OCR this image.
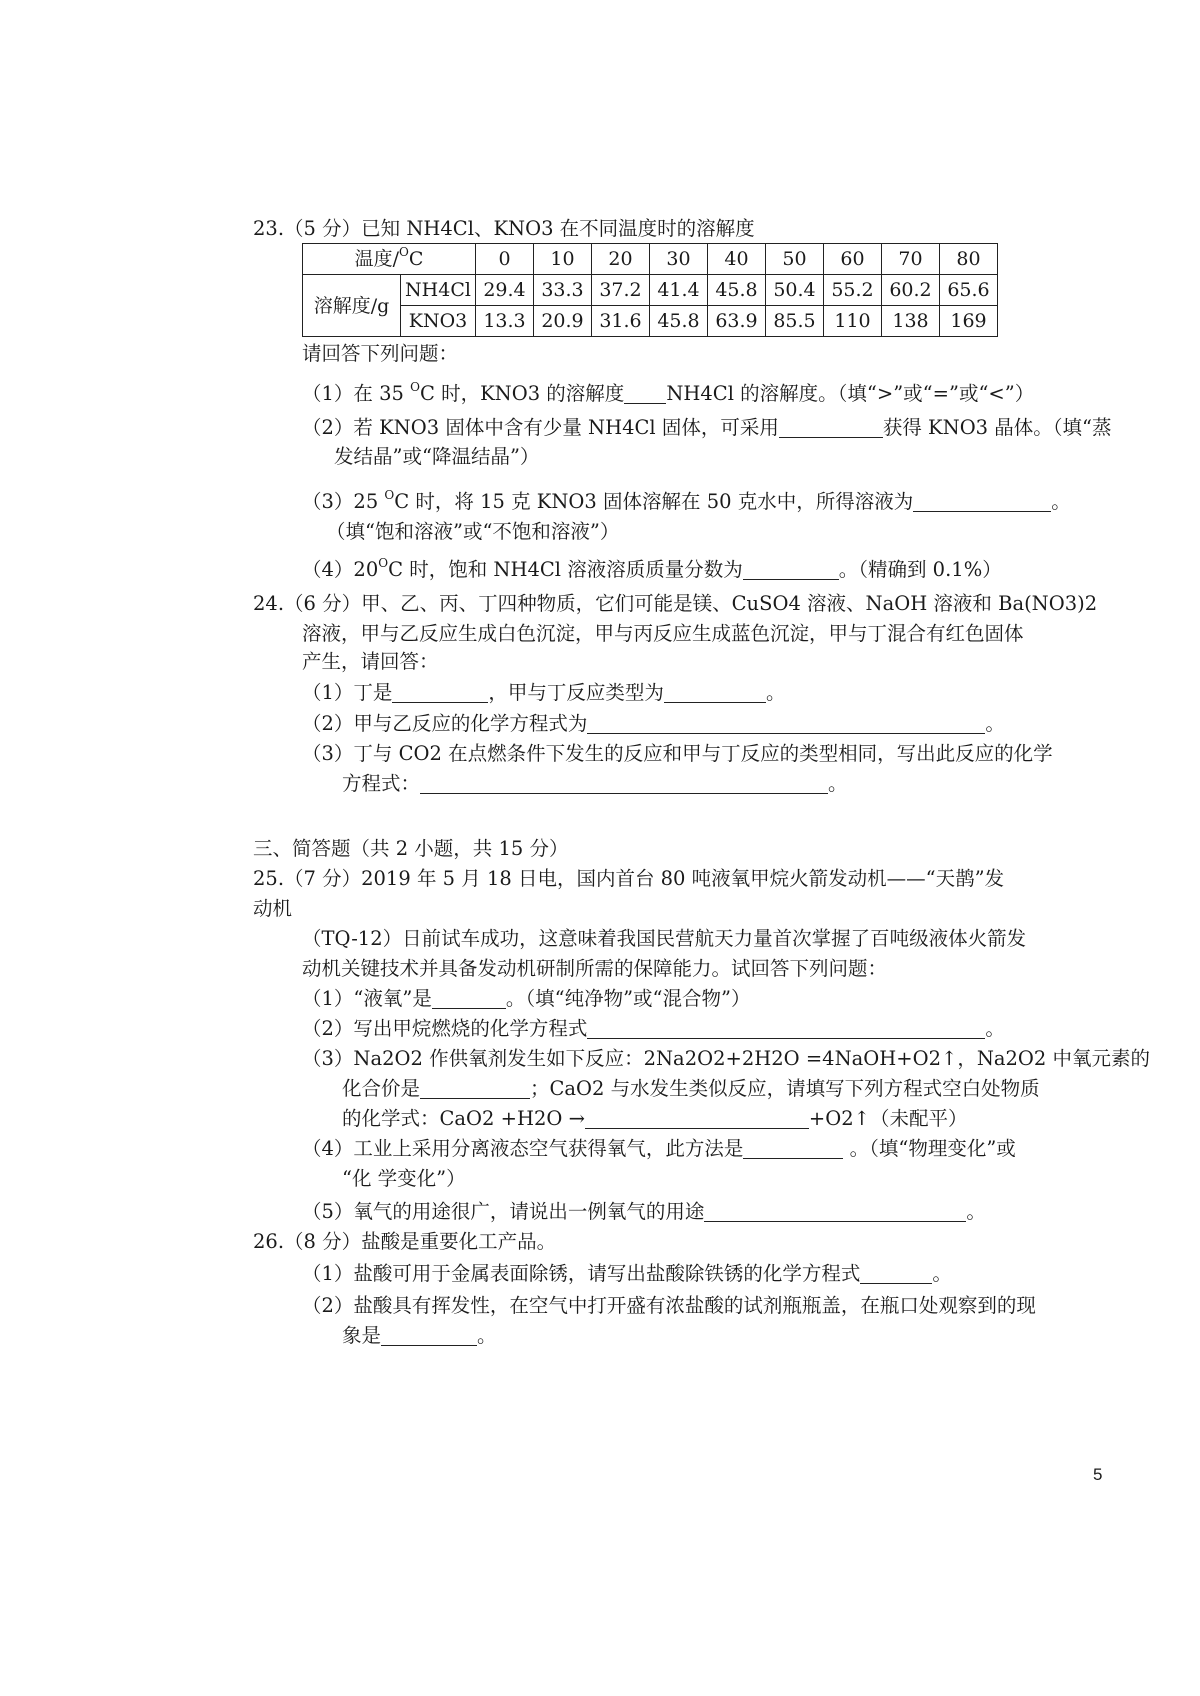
23.（5 分）已知 NH4Cl、KNO3 在不同温度时的溶解度
温度/$^O$C		0	10	20	30	40	50	60	70	80
溶解度/g	NH4Cl	29.4	33.3	37.2	41.4	45.8	50.4	55.2	60.2	65.6
	KNO3	13.3	20.9	31.6	45.8	63.9	85.5	110	138	169
请回答下列问题：
（1）在 35 $^O$C 时，KNO3 的溶解度 NH4Cl 的溶解度。（填“>”或“=”或“<”）
（2）若 KNO3 固体中含有少量 NH4Cl 固体，可采用	获得 KNO3 晶体。（填“蒸
发结晶”或“降温结晶”）
（3）25 $^O$C 时，将 15 克 KNO3 固体溶解在 50 克水中，所得溶液为	。
（填“饱和溶液”或“不饱和溶液”）
$(4)20^OC$ 时，饱和 NH4Cl 溶液溶质质量分数为	。（精确到 0.1%）
24.（6 分）甲、乙、丙、丁四种物质，它们可能是镁、CuSO4 溶液、NaOH 溶液和 Ba(NO3)2
溶液，甲与乙反应生成白色沉淀，甲与丙反应生成蓝色沉淀，甲与丁混合有红色固体
产生，请回答：
（1）丁是	，甲与丁反应类型为	。
（2）甲与乙反应的化学方程式为	。
（3）丁与 CO2 在点燃条件下发生的反应和甲与丁反应的类型相同，写出此反应的化学
方程式：	。
三、简答题（共 2 小题，共 15 分）
25.（7 分）2019 年 5 月 18 日电，国内首台 80 吨液氧甲烷火箭发动机——“天鹊”发
动机
（TQ-12）日前试车成功，这意味着我国民营航天力量首次掌握了百吨级液体火箭发
动机关键技术并具备发动机研制所需的保障能力。试回答下列问题：
（1）“液氧”是	。（填“纯净物”或“混合物”）
（2）写出甲烷燃烧的化学方程式	。
（3）Na2O2 作供氧剂发生如下反应：2Na2O2+2H2O =4NaOH+O2↑，Na2O2 中氧元素的
化合价是	；CaO2 与水发生类似反应，请填写下列方程式空白处物质
的化学式：CaO2 +H2O →	+O2↑（未配平）
（4）工业上采用分离液态空气获得氧气，此方法是	。（填“物理变化”或
“化 学变化”）
（5）氧气的用途很广，请说出一例氧气的用途	。
26.（8 分）盐酸是重要化工产品。
（1）盐酸可用于金属表面除锈，请写出盐酸除铁锈的化学方程式	。
（2）盐酸具有挥发性，在空气中打开盛有浓盐酸的试剂瓶瓶盖，在瓶口处观察到的现
象是	。
5
